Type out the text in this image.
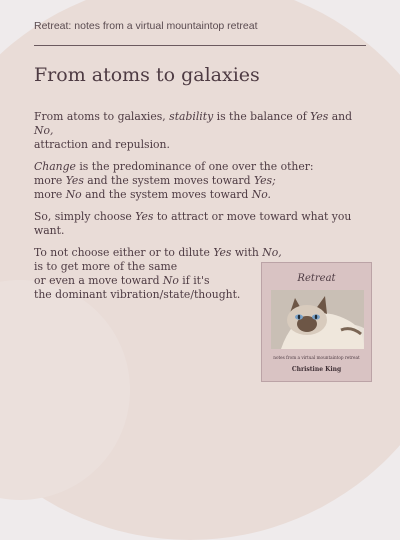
Retreat: notes from a virtual mountaintop retreat
From atoms to galaxies

From atoms to galaxies, stability is the balance of Yes and No,
attraction and repulsion.

Change is the predominance of one over the other:
more Yes and the system moves toward Yes;
more No and the system moves toward No.

So, simply choose Yes to attract or move toward what you want.

To not choose either or to dilute Yes with No,
is to get more of the same
or even a move toward No if it's
the dominant vibration/state/thought.

Retreat
notes from a virtual mountaintop retreat
Christine King
